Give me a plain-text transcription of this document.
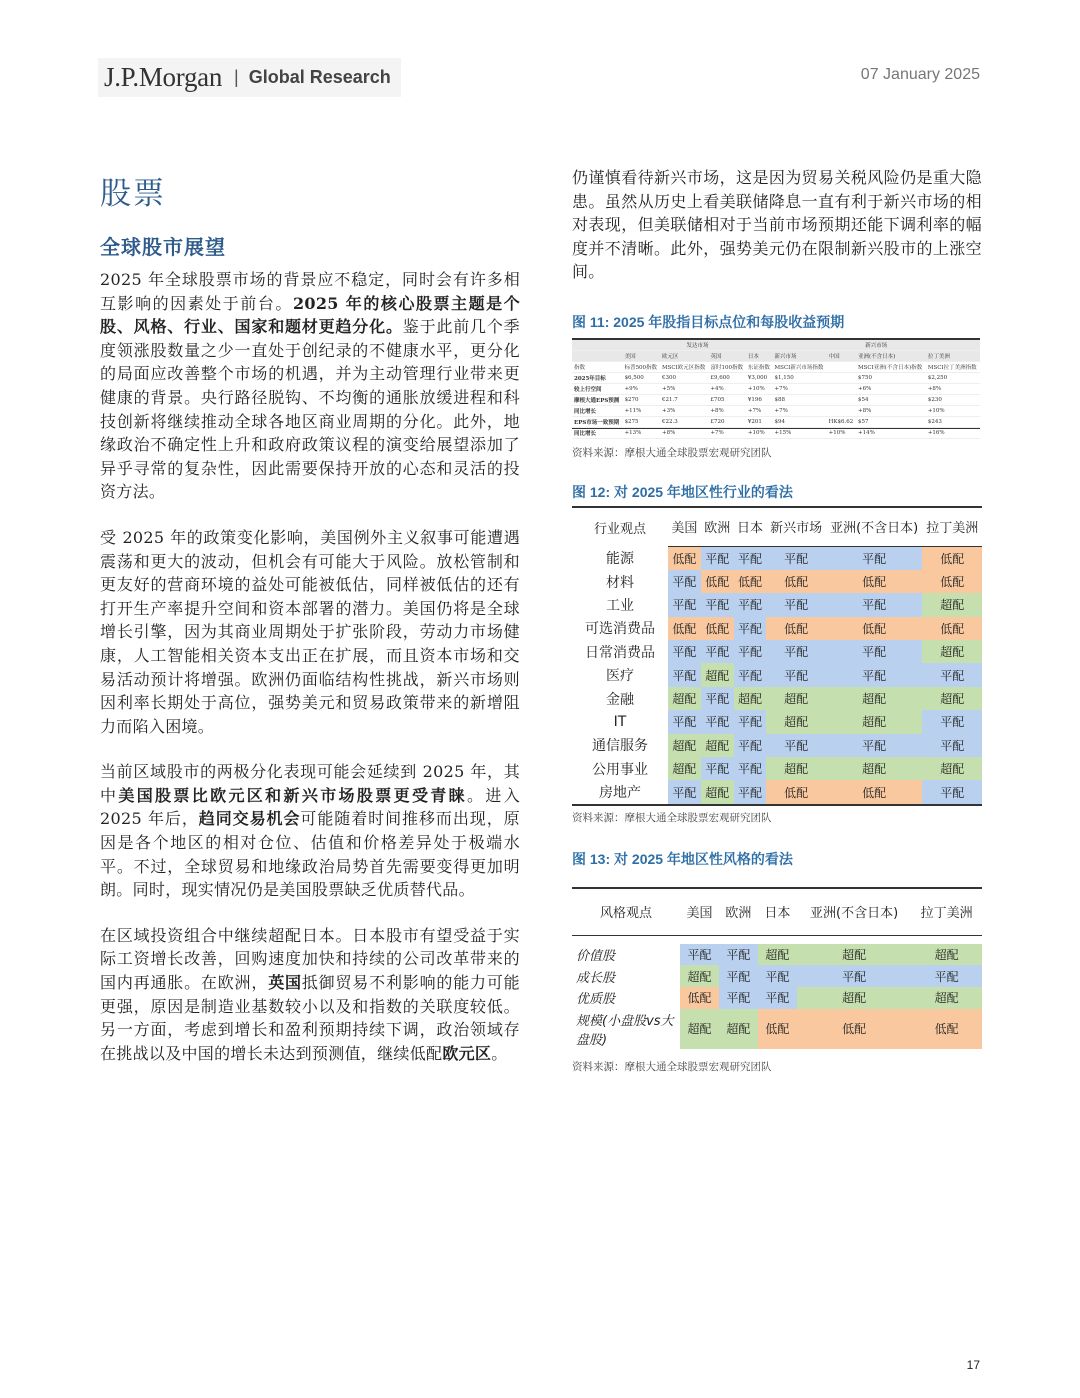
J.P.Morgan | Global Research	07 January 2025
股票
全球股市展望

2025 年全球股票市场的背景应不稳定，同时会有许多相互影响的因素处于前台。2025 年的核心股票主题是个股、风格、行业、国家和题材更趋分化。鉴于此前几个季度领涨股数量之少一直处于创纪录的不健康水平，更分化的局面应改善整个市场的机遇，并为主动管理行业带来更健康的背景。央行路径脱钩、不均衡的通胀放缓进程和科技创新将继续推动全球各地区商业周期的分化。此外，地缘政治不确定性上升和政府政策议程的演变给展望添加了异乎寻常的复杂性，因此需要保持开放的心态和灵活的投资方法。

受 2025 年的政策变化影响，美国例外主义叙事可能遭遇震荡和更大的波动，但机会有可能大于风险。放松管制和更友好的营商环境的益处可能被低估，同样被低估的还有打开生产率提升空间和资本部署的潜力。美国仍将是全球增长引擎，因为其商业周期处于扩张阶段，劳动力市场健康，人工智能相关资本支出正在扩展，而且资本市场和交易活动预计将增强。欧洲仍面临结构性挑战，新兴市场则因利率长期处于高位，强势美元和贸易政策带来的新增阻力而陷入困境。

当前区域股市的两极分化表现可能会延续到 2025 年，其中美国股票比欧元区和新兴市场股票更受青睐。进入 2025 年后，趋同交易机会可能随着时间推移而出现，原因是各个地区的相对仓位、估值和价格差异处于极端水平。不过，全球贸易和地缘政治局势首先需要变得更加明朗。同时，现实情况仍是美国股票缺乏优质替代品。

在区域投资组合中继续超配日本。日本股市有望受益于实际工资增长改善，回购速度加快和持续的公司改革带来的国内再通胀。在欧洲，英国抵御贸易不利影响的能力可能更强，原因是制造业基数较小以及和指数的关联度较低。另一方面，考虑到增长和盈利预期持续下调，政治领域存在挑战以及中国的增长未达到预测值，继续低配欧元区。

仍谨慎看待新兴市场，这是因为贸易关税风险仍是重大隐患。虽然从历史上看美联储降息一直有利于新兴市场的相对表现，但美联储相对于当前市场预期还能下调利率的幅度并不清晰。此外，强势美元仍在限制新兴股市的上涨空间。

图 11: 2025 年股指目标点位和每股收益预期
	发达市场				新兴市场			
	美国	欧元区	英国	日本	新兴市场	中国	亚洲(不含日本)	拉丁美洲
指数	标普500指数	MSCI欧元区指数	富时100指数	东证指数	MSCI新兴市场指数		MSCI亚洲(不含日本)指数	MSCI拉丁美洲指数
2025年目标	$6,500	€300	£9,600	¥3,000	$1,150		$750	$2,250
较上行空间	+9%	+5%	+4%	+10%	+7%		+6%	+8%
摩根大通EPS预测	$270	€21.7	£705	¥196	$88		$54	$230
同比增长	+11%	+3%	+8%	+7%	+7%		+8%	+10%
EPS市场一致预期	$275	€22.3	£720	¥201	$94	HK$6.62	$57	$243
同比增长	+13%	+8%	+7%	+10%	+15%	+10%	+14%	+16%
资料来源：摩根大通全球股票宏观研究团队
图 12: 对 2025 年地区性行业的看法
行业观点	美国	欧洲	日本	新兴市场	亚洲(不含日本)	拉丁美洲
能源	低配	平配	平配	平配	平配	低配
材料	平配	低配	低配	低配	低配	低配
工业	平配	平配	平配	平配	平配	超配
可选消费品	低配	低配	平配	低配	低配	低配
日常消费品	平配	平配	平配	平配	平配	超配
医疗	平配	超配	平配	平配	平配	平配
金融	超配	平配	超配	超配	超配	超配
IT	平配	平配	平配	超配	超配	平配
通信服务	超配	超配	平配	平配	平配	平配
公用事业	超配	平配	平配	超配	超配	超配
房地产	平配	超配	平配	低配	低配	平配
资料来源：摩根大通全球股票宏观研究团队
图 13: 对 2025 年地区性风格的看法
风格观点	美国	欧洲	日本	亚洲(不含日本)	拉丁美洲

价值股	平配	平配	超配	超配	超配
成长股	超配	平配	平配	平配	平配
优质股	低配	平配	平配	超配	超配
规模(小盘股vs大盘股)	超配	超配	低配	低配	低配
资料来源：摩根大通全球股票宏观研究团队
17
